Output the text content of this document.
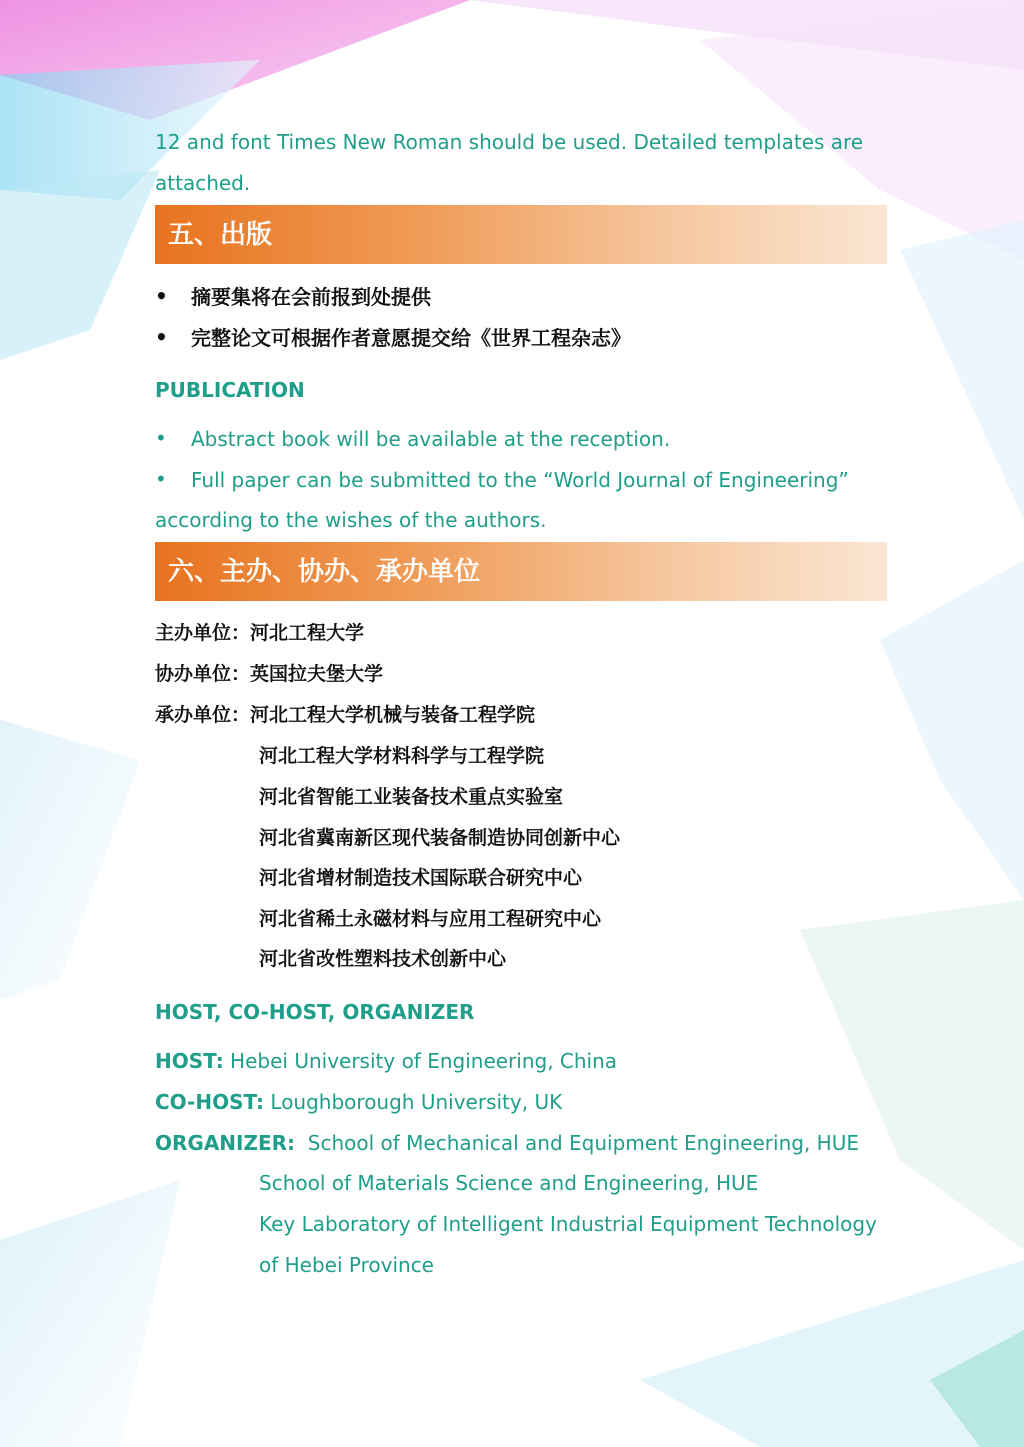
12 and font Times New Roman should be used. Detailed templates are
attached.
五、出版
• 摘要集将在会前报到处提供
• 完整论文可根据作者意愿提交给《世界工程杂志》
PUBLICATION
• Abstract book will be available at the reception.
• Full paper can be submitted to the “World Journal of Engineering”
according to the wishes of the authors.
六、主办、协办、承办单位
主办单位：河北工程大学
协办单位：英国拉夫堡大学
承办单位：河北工程大学机械与装备工程学院
河北工程大学材料科学与工程学院
河北省智能工业装备技术重点实验室
河北省冀南新区现代装备制造协同创新中心
河北省增材制造技术国际联合研究中心
河北省稀土永磁材料与应用工程研究中心
河北省改性塑料技术创新中心
HOST, CO-HOST, ORGANIZER
HOST: Hebei University of Engineering, China
CO-HOST: Loughborough University, UK
ORGANIZER:  School of Mechanical and Equipment Engineering, HUE
School of Materials Science and Engineering, HUE
Key Laboratory of Intelligent Industrial Equipment Technology
of Hebei Province
